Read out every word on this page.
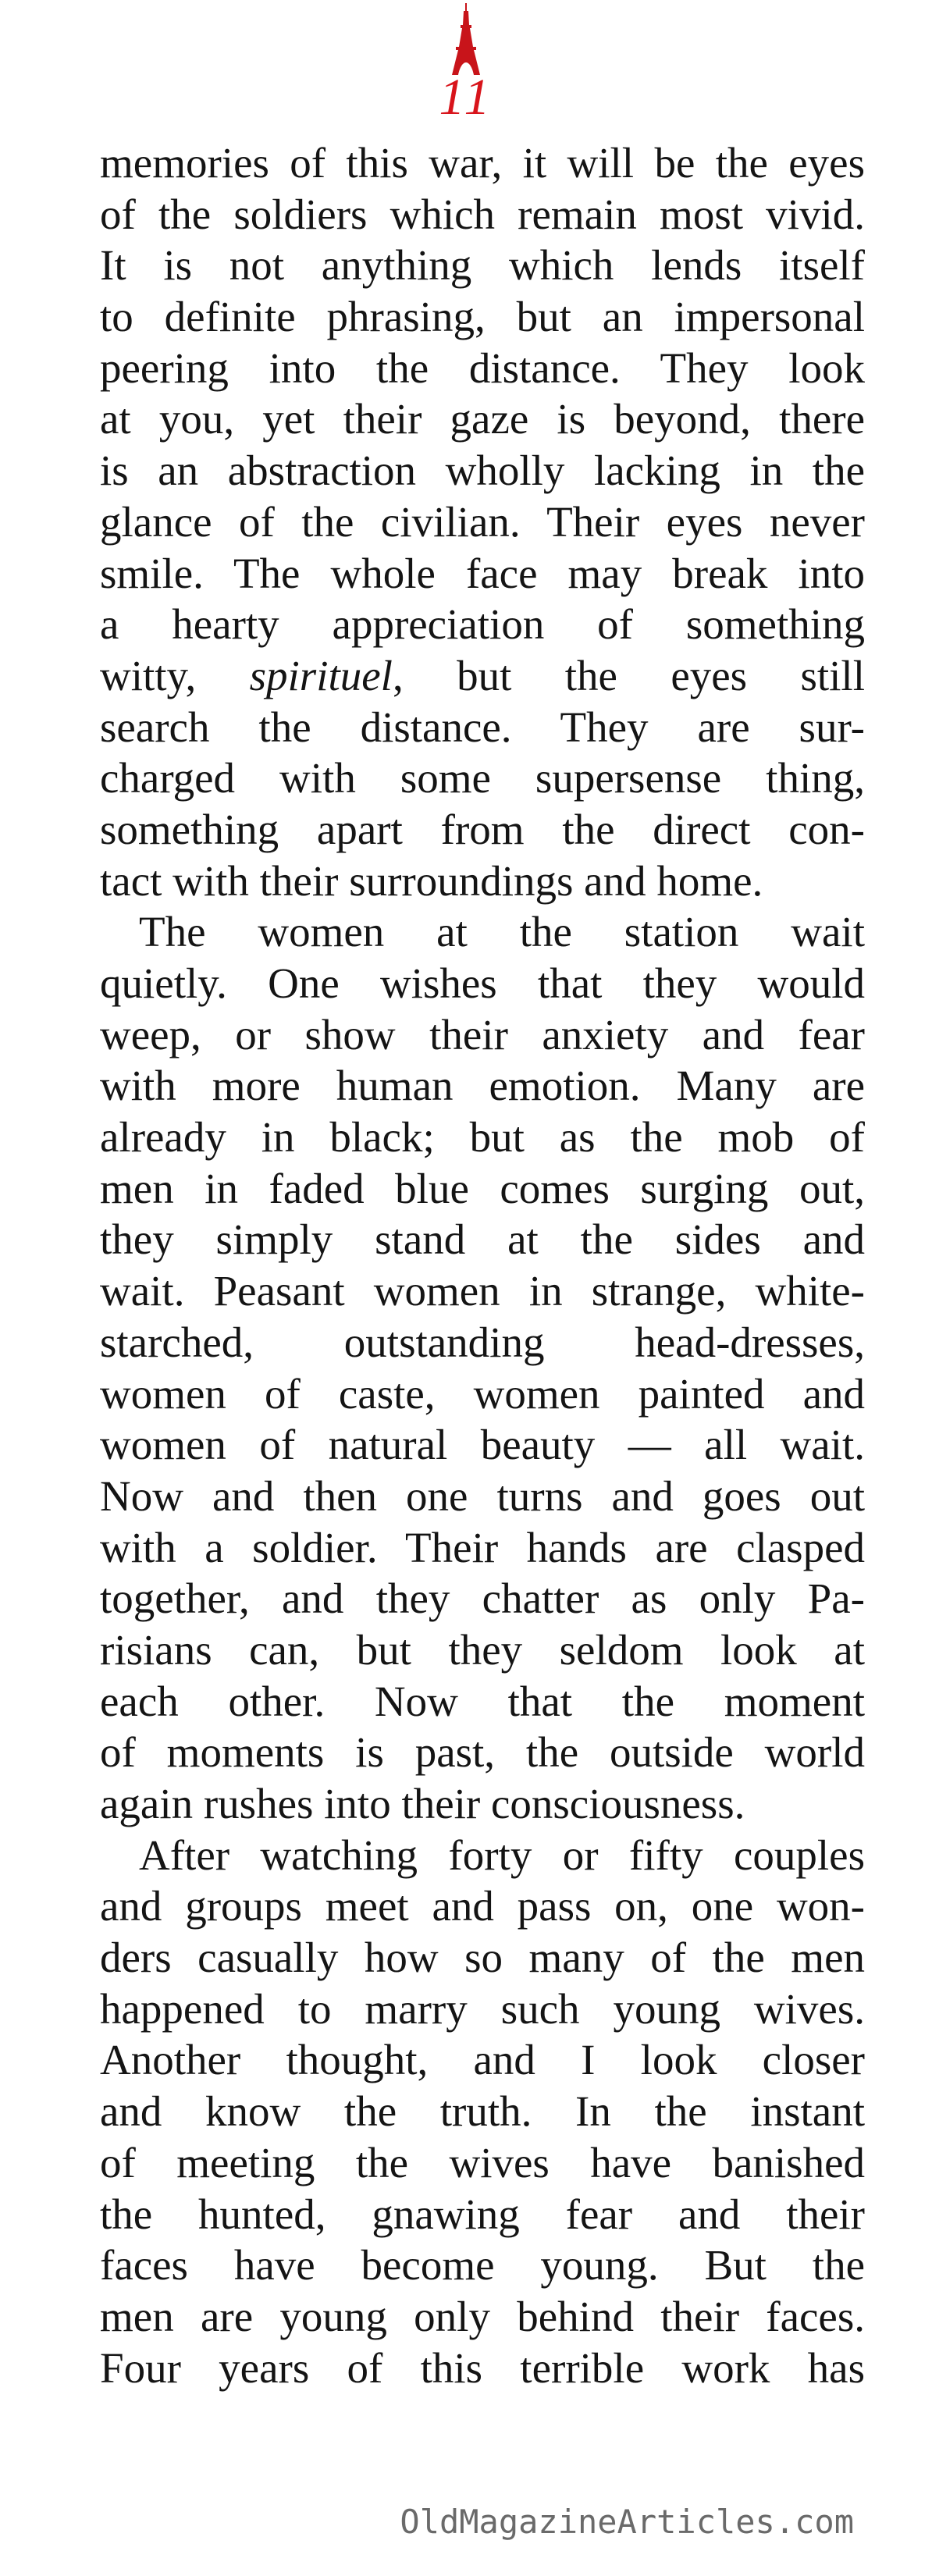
11
memories of this war, it will be the eyes
of the soldiers which remain most vivid.
It is not anything which lends itself
to definite phrasing, but an impersonal
peering into the distance. They look
at you, yet their gaze is beyond, there
is an abstraction wholly lacking in the
glance of the civilian. Their eyes never
smile. The whole face may break into
a hearty appreciation of something
witty, spirituel, but the eyes still
search the distance. They are sur-
charged with some supersense thing,
something apart from the direct con-
tact with their surroundings and home.
The women at the station wait
quietly. One wishes that they would
weep, or show their anxiety and fear
with more human emotion. Many are
already in black; but as the mob of
men in faded blue comes surging out,
they simply stand at the sides and
wait. Peasant women in strange, white-
starched, outstanding head-dresses,
women of caste, women painted and
women of natural beauty — all wait.
Now and then one turns and goes out
with a soldier. Their hands are clasped
together, and they chatter as only Pa-
risians can, but they seldom look at
each other. Now that the moment
of moments is past, the outside world
again rushes into their consciousness.
After watching forty or fifty couples
and groups meet and pass on, one won-
ders casually how so many of the men
happened to marry such young wives.
Another thought, and I look closer
and know the truth. In the instant
of meeting the wives have banished
the hunted, gnawing fear and their
faces have become young. But the
men are young only behind their faces.
Four years of this terrible work has
OldMagazineArticles.com
